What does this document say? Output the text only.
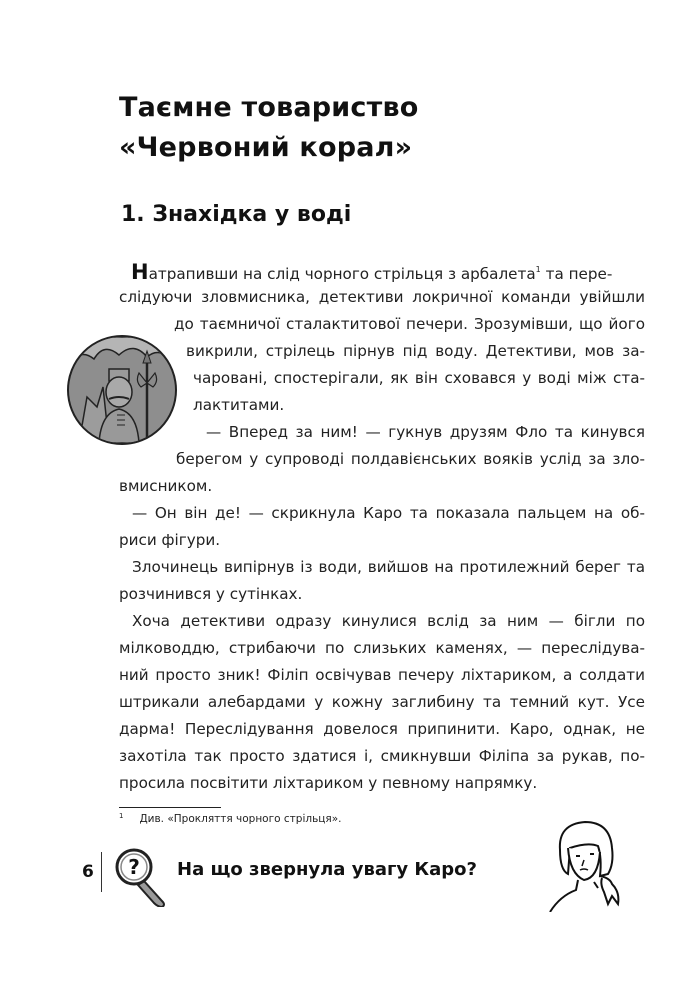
Таємне товариство
«Червоний корал»
1. Знахідка у воді
Натрапивши на слід чорного стрільця з арбалета$^1$ та пере-
слідуючи зловмисника, детективи локричної команди увійшли
до таємничої сталактитової печери. Зрозумівши, що його
викрили, стрілець пірнув під воду. Детективи, мов за-
чаровані, спостерігали, як він сховався у воді між ста-
лактитами.
— Вперед за ним! — гукнув друзям Фло та кинувся
берегом у супроводі полдавієнських вояків услід за зло-
вмисником.
— Он він де! — скрикнула Каро та показала пальцем на об-
риси фігури.
Злочинець випірнув із води, вийшов на протилежний берег та
розчинився у сутінках.
Хоча детективи одразу кинулися вслід за ним — бігли по
мілководдю, стрибаючи по слизьких каменях, — переслідува-
ний просто зник! Філіп освічував печеру ліхтариком, а солдати
штрикали алебардами у кожну заглибину та темний кут. Усе
дарма! Переслідування довелося припинити. Каро, однак, не
захотіла так просто здатися і, смикнувши Філіпа за рукав, по-
просила посвітити ліхтариком у певному напрямку.
$^1$ Див. «Прокляття чорного стрільця».
6 ? На що звернула увагу Каро?
